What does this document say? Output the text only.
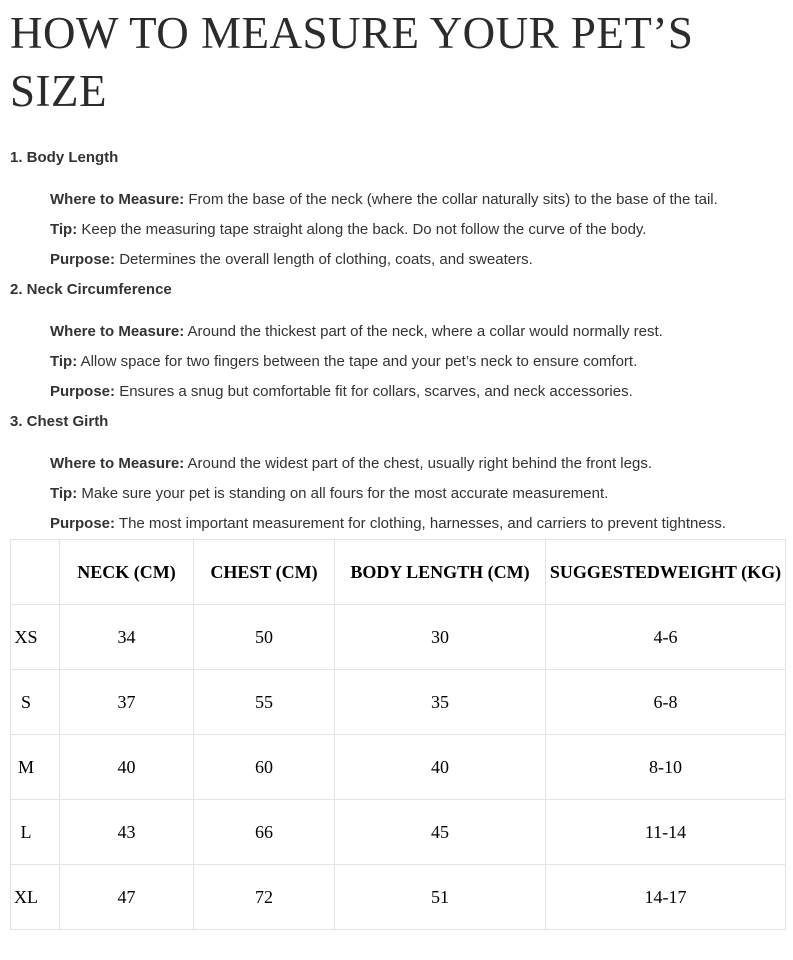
HOW TO MEASURE YOUR PET’S SIZE
1. Body Length

Where to Measure: From the base of the neck (where the collar naturally sits) to the base of the tail.

Tip: Keep the measuring tape straight along the back. Do not follow the curve of the body.

Purpose: Determines the overall length of clothing, coats, and sweaters.

2. Neck Circumference

Where to Measure: Around the thickest part of the neck, where a collar would normally rest.

Tip: Allow space for two fingers between the tape and your pet’s neck to ensure comfort.

Purpose: Ensures a snug but comfortable fit for collars, scarves, and neck accessories.

3. Chest Girth

Where to Measure: Around the widest part of the chest, usually right behind the front legs.

Tip: Make sure your pet is standing on all fours for the most accurate measurement.

Purpose: The most important measurement for clothing, harnesses, and carriers to prevent tightness.

	NECK (CM)	CHEST (CM)	BODY LENGTH (CM)	SUGGESTEDWEIGHT (KG)
XS	34	50	30	4-6
S	37	55	35	6-8
M	40	60	40	8-10
L	43	66	45	11-14
XL	47	72	51	14-17
